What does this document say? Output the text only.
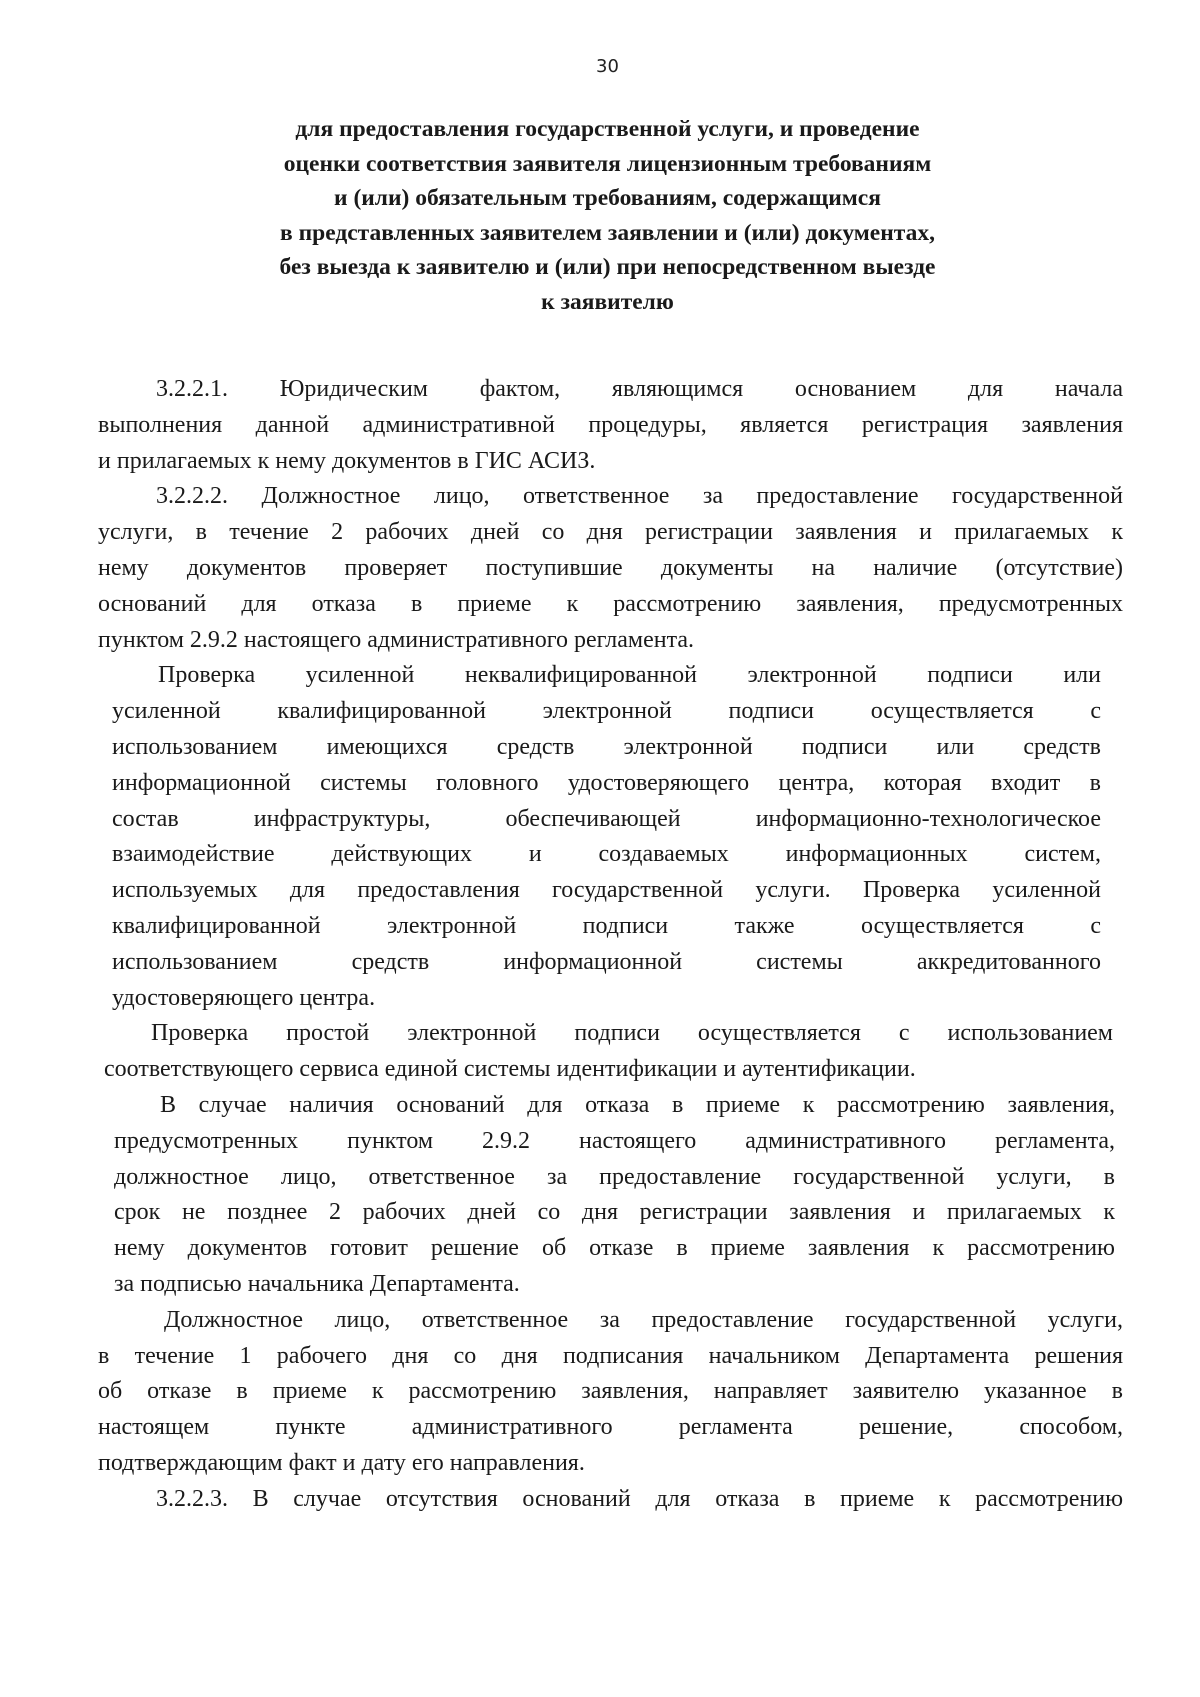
30
для предоставления государственной услуги, и проведение
оценки соответствия заявителя лицензионным требованиям
и (или) обязательным требованиям, содержащимся
в представленных заявителем заявлении и (или) документах,
без выезда к заявителю и (или) при непосредственном выезде
к заявителю
3.2.2.1. Юридическим фактом, являющимся основанием для начала
выполнения данной административной процедуры, является регистрация заявления
и прилагаемых к нему документов в ГИС АСИЗ.
3.2.2.2. Должностное лицо, ответственное за предоставление государственной
услуги, в течение 2 рабочих дней со дня регистрации заявления и прилагаемых к
нему документов проверяет поступившие документы на наличие (отсутствие)
оснований для отказа в приеме к рассмотрению заявления, предусмотренных
пунктом 2.9.2 настоящего административного регламента.
Проверка усиленной неквалифицированной электронной подписи или
усиленной квалифицированной электронной подписи осуществляется с
использованием имеющихся средств электронной подписи или средств
информационной системы головного удостоверяющего центра, которая входит в
состав инфраструктуры, обеспечивающей информационно-технологическое
взаимодействие действующих и создаваемых информационных систем,
используемых для предоставления государственной услуги. Проверка усиленной
квалифицированной электронной подписи также осуществляется с
использованием средств информационной системы аккредитованного
удостоверяющего центра.
Проверка простой электронной подписи осуществляется с использованием
соответствующего сервиса единой системы идентификации и аутентификации.
В случае наличия оснований для отказа в приеме к рассмотрению заявления,
предусмотренных пунктом 2.9.2 настоящего административного регламента,
должностное лицо, ответственное за предоставление государственной услуги, в
срок не позднее 2 рабочих дней со дня регистрации заявления и прилагаемых к
нему документов готовит решение об отказе в приеме заявления к рассмотрению
за подписью начальника Департамента.
Должностное лицо, ответственное за предоставление государственной услуги,
в течение 1 рабочего дня со дня подписания начальником Департамента решения
об отказе в приеме к рассмотрению заявления, направляет заявителю указанное в
настоящем пункте административного регламента решение, способом,
подтверждающим факт и дату его направления.
3.2.2.3. В случае отсутствия оснований для отказа в приеме к рассмотрению
